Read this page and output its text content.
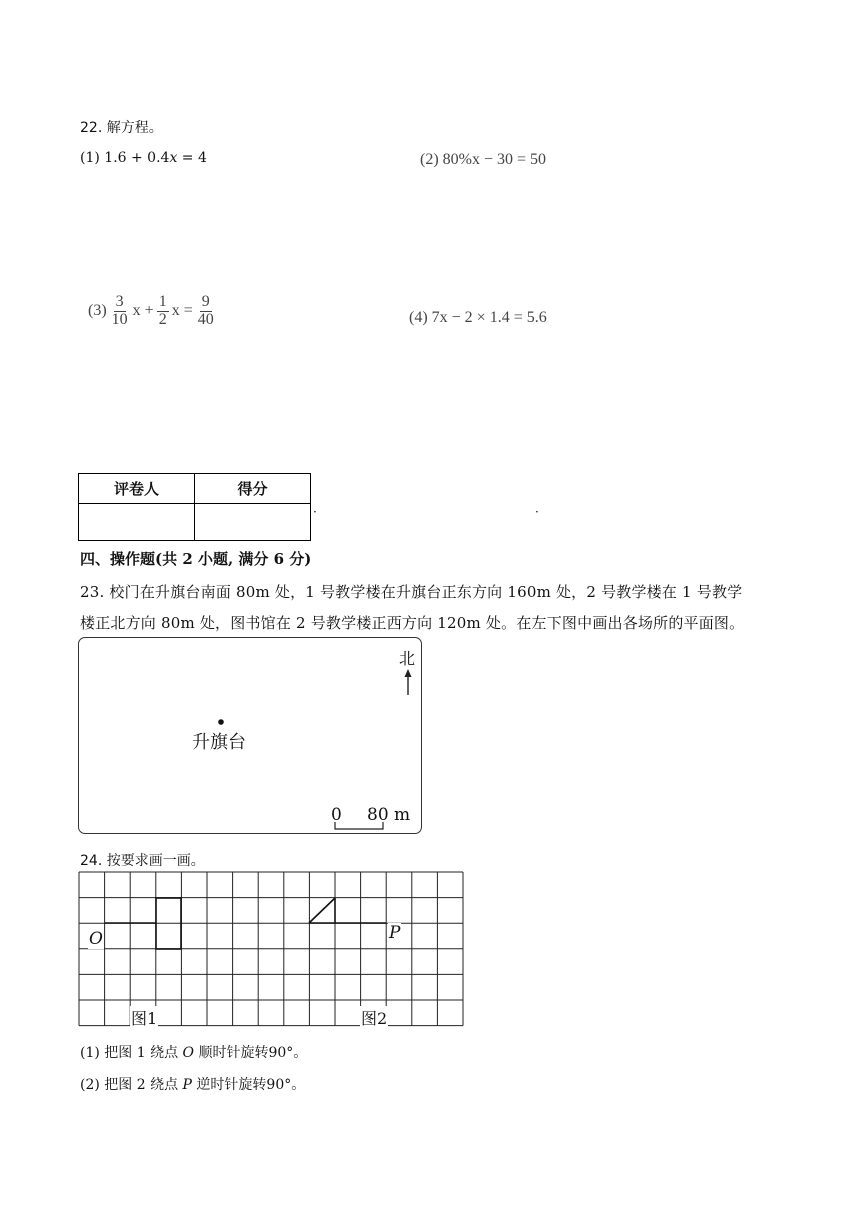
22. 解方程。
(1) 1.6 + 0.4𝑥 = 4	(2) 80%x − 30 = 50
$(3) \frac{3}{10}$ $x + \frac{1}{2}$ $x = \frac{9}{40}$	(4) 7x − 2 × 1.4 = 5.6
评卷人	得分

·	·
四、操作题(共 2 小题, 满分 6 分)
23. 校门在升旗台南面 80m 处，1 号教学楼在升旗台正东方向 160m 处，2 号教学楼在 1 号教学
楼正北方向 80m 处，图书馆在 2 号教学楼正西方向 120m 处。在左下图中画出各场所的平面图。
北
升旗台
0 80 m
24. 按要求画一画。
O	P
图1	图2
(1) 把图 1 绕点 𝑂 顺时针旋转90°。
(2) 把图 2 绕点 𝑃 逆时针旋转90°。
